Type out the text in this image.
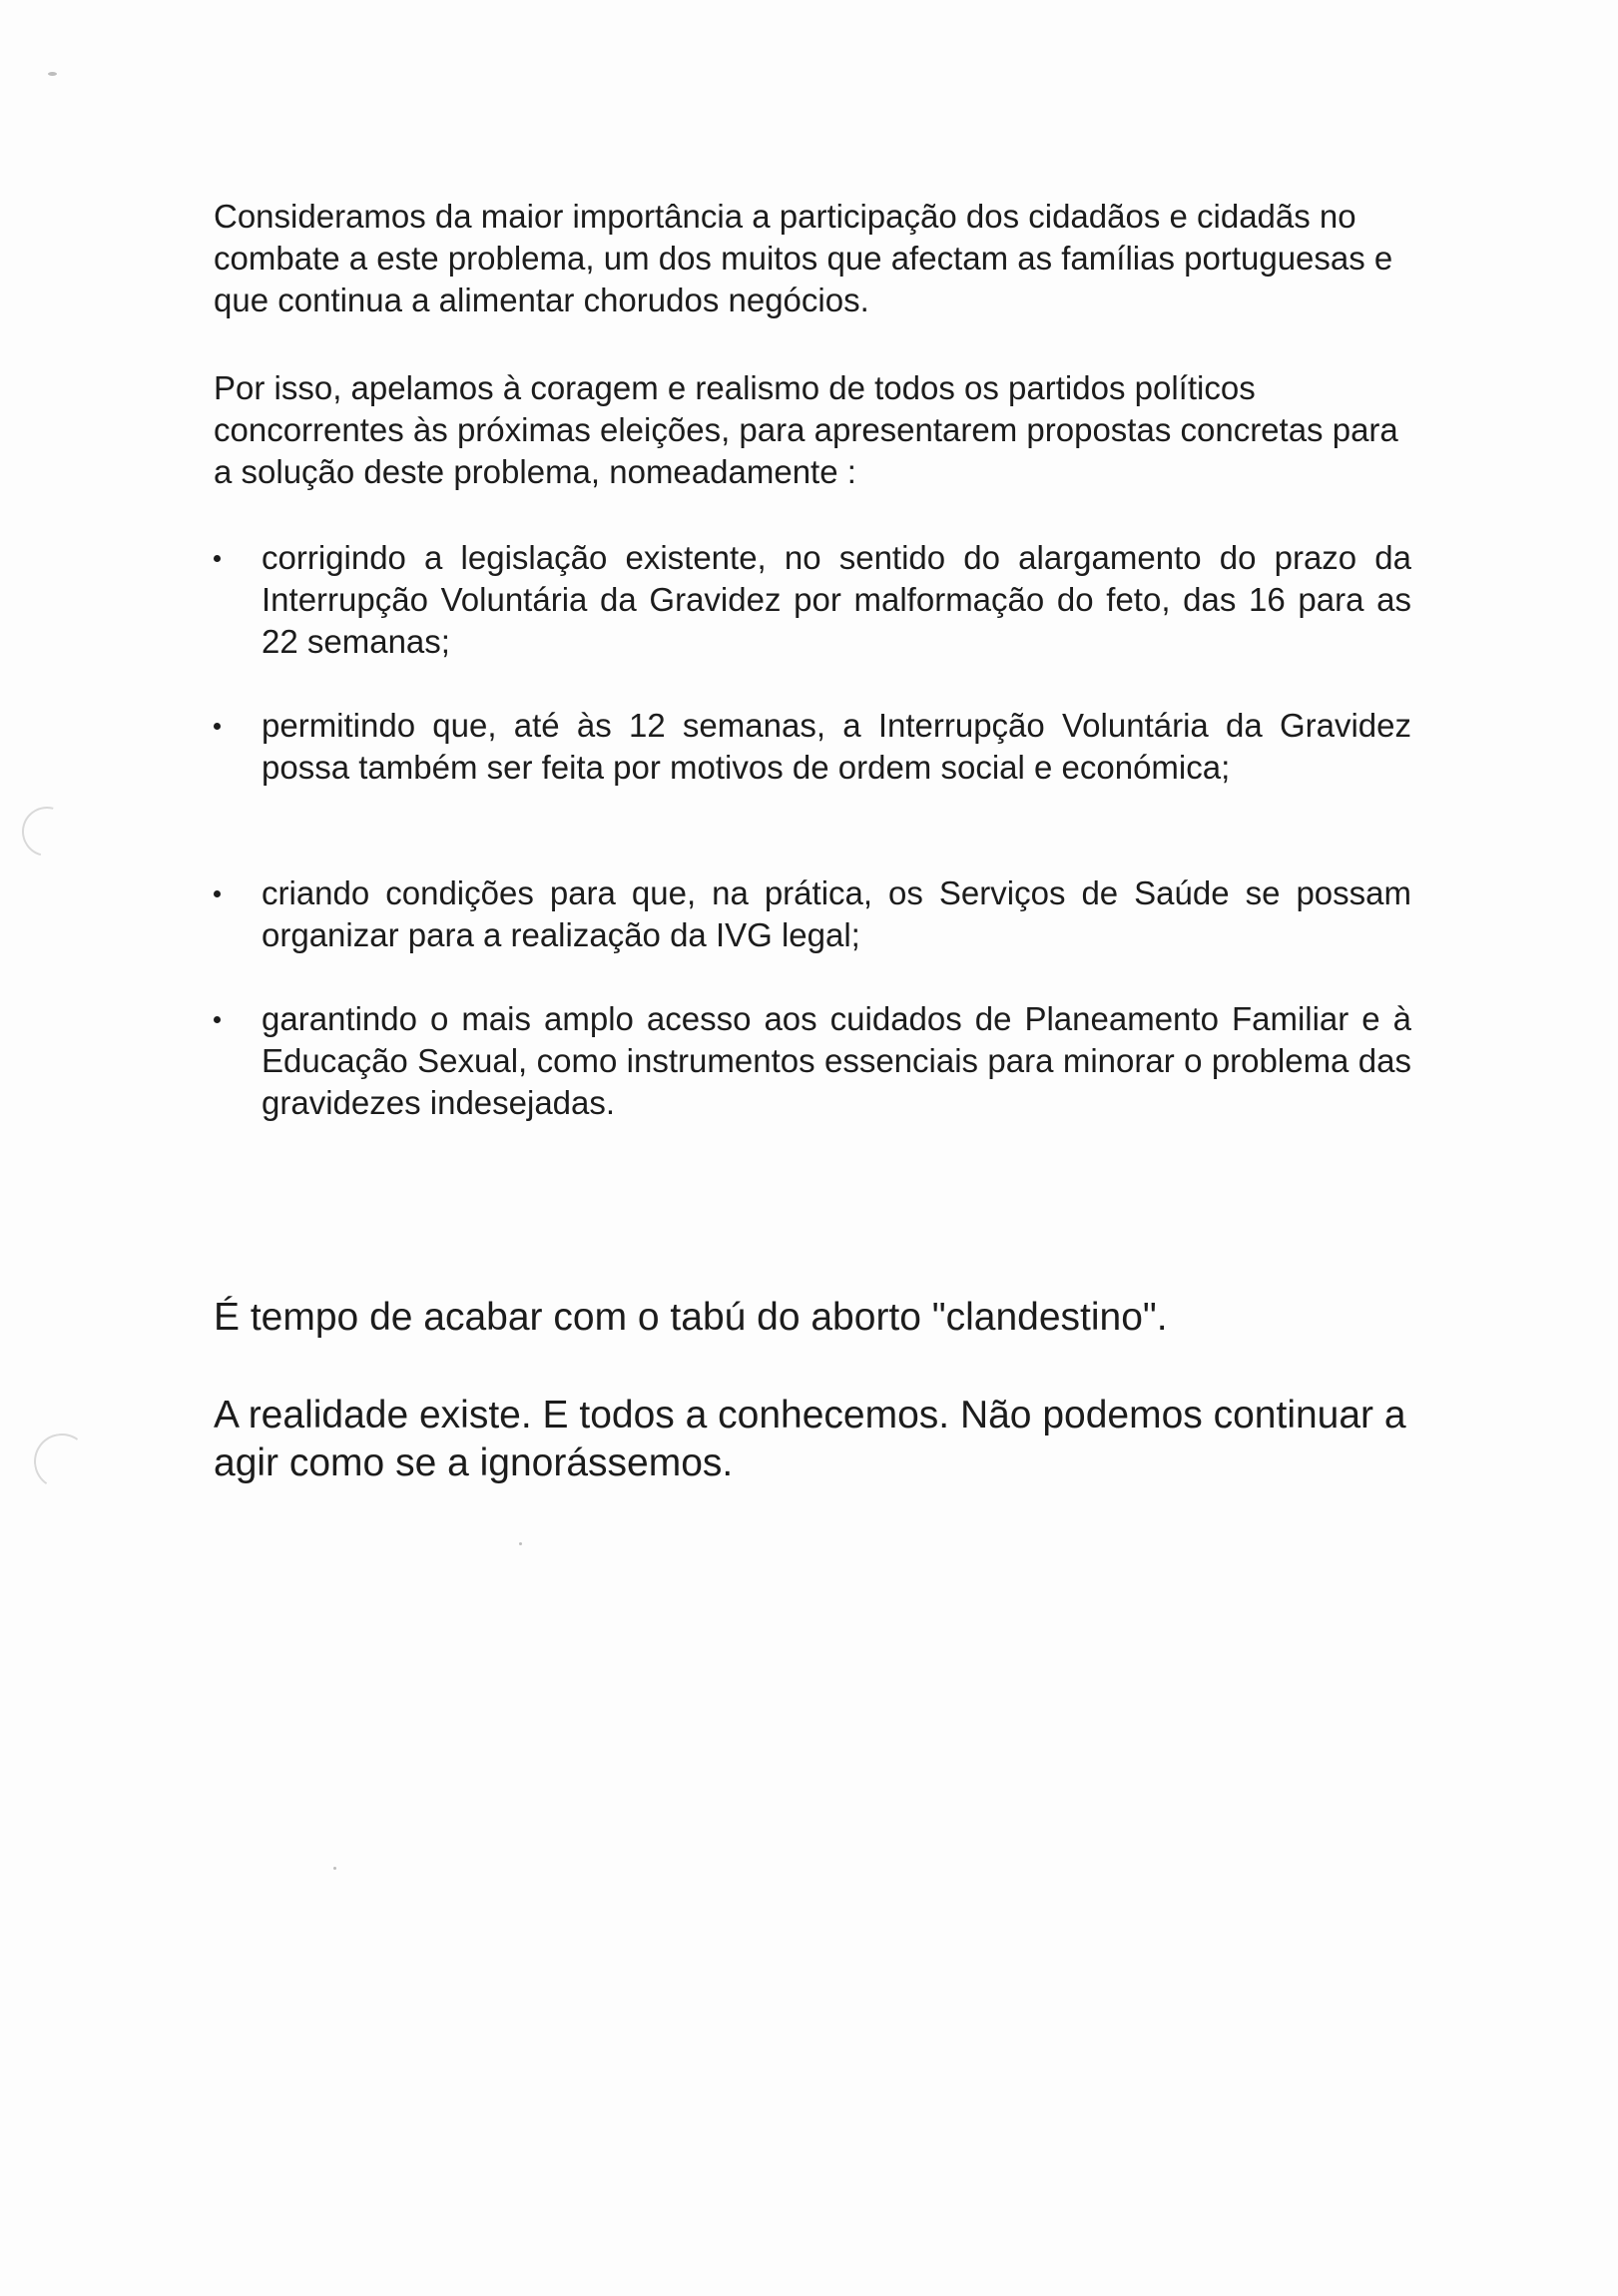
Consideramos da maior importância a participação dos cidadãos e cidadãs no combate a este problema, um dos muitos que afectam as famílias portuguesas e que continua a alimentar chorudos negócios.

Por isso, apelamos à coragem e realismo de todos os partidos políticos concorrentes às próximas eleições, para apresentarem propostas concretas para a solução deste problema, nomeadamente :

corrigindo a legislação existente, no sentido do alargamento do prazo da Interrupção Voluntária da Gravidez por malformação do feto, das 16 para as 22 semanas;
permitindo que, até às 12 semanas, a Interrupção Voluntária da Gravidez possa também ser feita por motivos de ordem social e económica;
criando condições para que, na prática, os Serviços de Saúde se possam organizar para a realização da IVG legal;
garantindo o mais amplo acesso aos cuidados de Planeamento Familiar e à Educação Sexual, como instrumentos essenciais para minorar o problema das gravidezes indesejadas.

É tempo de acabar com o tabú do aborto "clandestino".

A realidade existe. E todos a conhecemos. Não podemos continuar a agir como se a ignorássemos.
